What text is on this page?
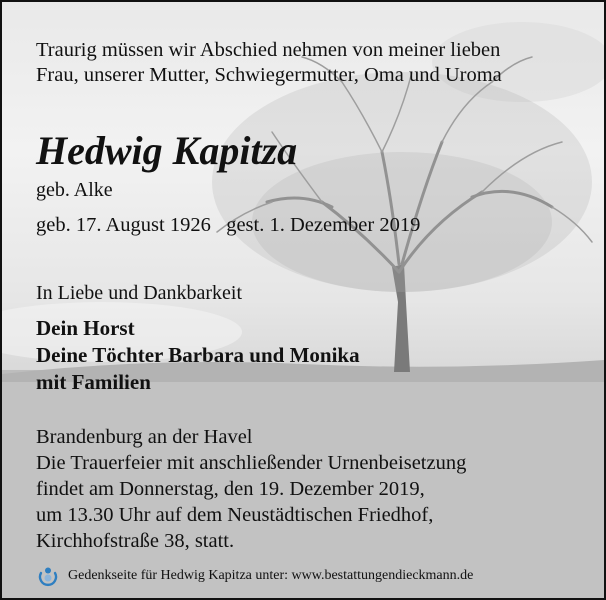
Traurig müssen wir Abschied nehmen von meiner lieben
Frau, unserer Mutter, Schwiegermutter, Oma und Uroma
Hedwig Kapitza
geb. Alke
geb. 17. August 1926   gest. 1. Dezember 2019
In Liebe und Dankbarkeit
Dein Horst
Deine Töchter Barbara und Monika
mit Familien
Brandenburg an der Havel
Die Trauerfeier mit anschließender Urnenbeisetzung
findet am Donnerstag, den 19. Dezember 2019,
um 13.30 Uhr auf dem Neustädtischen Friedhof,
Kirchhofstraße 38, statt.
Gedenkseite für Hedwig Kapitza unter: www.bestattungendieckmann.de
